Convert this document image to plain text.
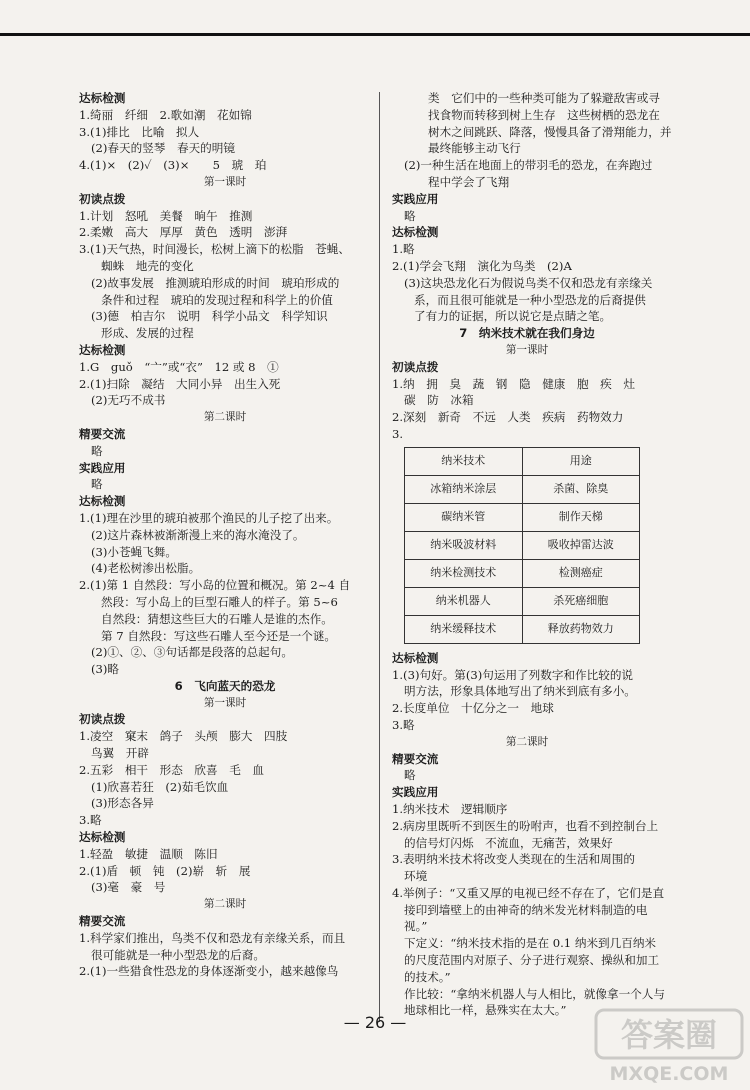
达标检测
1.绮丽　纤细　2.歌如潮　花如锦
3.(1)排比　比喻　拟人
(2)春天的竖琴　春天的明镜
4.(1)×　(2)✓　(3)×　　5　琥　珀
第一课时
初读点拨
1.计划　怒吼　美餐　晌午　推测
2.柔嫩　高大　厚厚　黄色　透明　澎湃
3.(1)天气热，时间漫长，松树上滴下的松脂　苍蝇、
蜘蛛　地壳的变化
(2)故事发展　推测琥珀形成的时间　琥珀形成的
条件和过程　琥珀的发现过程和科学上的价值
(3)德　柏吉尔　说明　科学小品文　科学知识
形成、发展的过程
达标检测
1.G　guǒ　“亠”或“衣”　12 或 8　①
2.(1)扫除　凝结　大同小异　出生入死
(2)无巧不成书
第二课时
精要交流
略
实践应用
略
达标检测
1.(1)理在沙里的琥珀被那个渔民的儿子挖了出来。
(2)这片森林被渐渐漫上来的海水淹没了。
(3)小苍蝇飞舞。
(4)老松树渗出松脂。
2.(1)第 1 自然段：写小岛的位置和概况。第 2~4 自
然段：写小岛上的巨型石雕人的样子。第 5~6
自然段：猜想这些巨大的石雕人是谁的杰作。
第 7 自然段：写这些石雕人至今还是一个谜。
(2)①、②、③句话都是段落的总起句。
(3)略
6　飞向蓝天的恐龙
第一课时
初读点拨
1.凌空　窠末　鸽子　头颅　膨大　四肢
鸟翼　开辟
2.五彩　相干　形态　欣喜　毛　血
(1)欣喜若狂　(2)茹毛饮血
(3)形态各异
3.略
达标检测
1.轻盈　敏捷　温顺　陈旧
2.(1)盾　顿　钝　(2)崭　斩　展
(3)毫　豪　号
第二课时
精要交流
1.科学家们推出，鸟类不仅和恐龙有亲缘关系，而且
很可能就是一种小型恐龙的后裔。
2.(1)一些猎食性恐龙的身体逐渐变小，越来越像鸟
类　它们中的一些种类可能为了躲避敌害或寻
找食物而转移到树上生存　这些树栖的恐龙在
树木之间跳跃、降落，慢慢具备了滑翔能力，并
最终能够主动飞行
(2)一种生活在地面上的带羽毛的恐龙，在奔跑过
程中学会了飞翔
实践应用
略
达标检测
1.略
2.(1)学会飞翔　演化为鸟类　(2)A
(3)这块恐龙化石为假说鸟类不仅和恐龙有亲缘关
系，而且很可能就是一种小型恐龙的后裔提供
了有力的证据，所以说它是点睛之笔。
7　纳米技术就在我们身边
第一课时
初读点拨
1.纳　拥　臭　蔬　钢　隐　健康　胞　疾　灶
碳　防　冰箱
2.深刻　新奇　不远　人类　疾病　药物效力
3.
纳米技术	用途
冰箱纳米涂层	杀菌、除臭
碳纳米管	制作天梯
纳米吸波材料	吸收掉雷达波
纳米检测技术	检测癌症
纳米机器人	杀死癌细胞
纳米缓释技术	释放药物效力
达标检测
1.(3)句好。第(3)句运用了列数字和作比较的说
明方法，形象具体地写出了纳米到底有多小。
2.长度单位　十亿分之一　地球
3.略
第二课时
精要交流
略
实践应用
1.纳米技术　逻辑顺序
2.病房里既听不到医生的吩咐声，也看不到控制台上
的信号灯闪烁　不流血，无痛苦，效果好
3.表明纳米技术将改变人类现在的生活和周围的
环境
4.举例子：“又重又厚的电视已经不存在了，它们是直
接印到墙壁上的由神奇的纳米发光材料制造的电
视。”
下定义：“纳米技术指的是在 0.1 纳米到几百纳米
的尺度范围内对原子、分子进行观察、操纵和加工
的技术。”
作比较：“拿纳米机器人与人相比，就像拿一个人与
地球相比一样，悬殊实在太大。”
— 26 —	答案圈
MXQE.COM
